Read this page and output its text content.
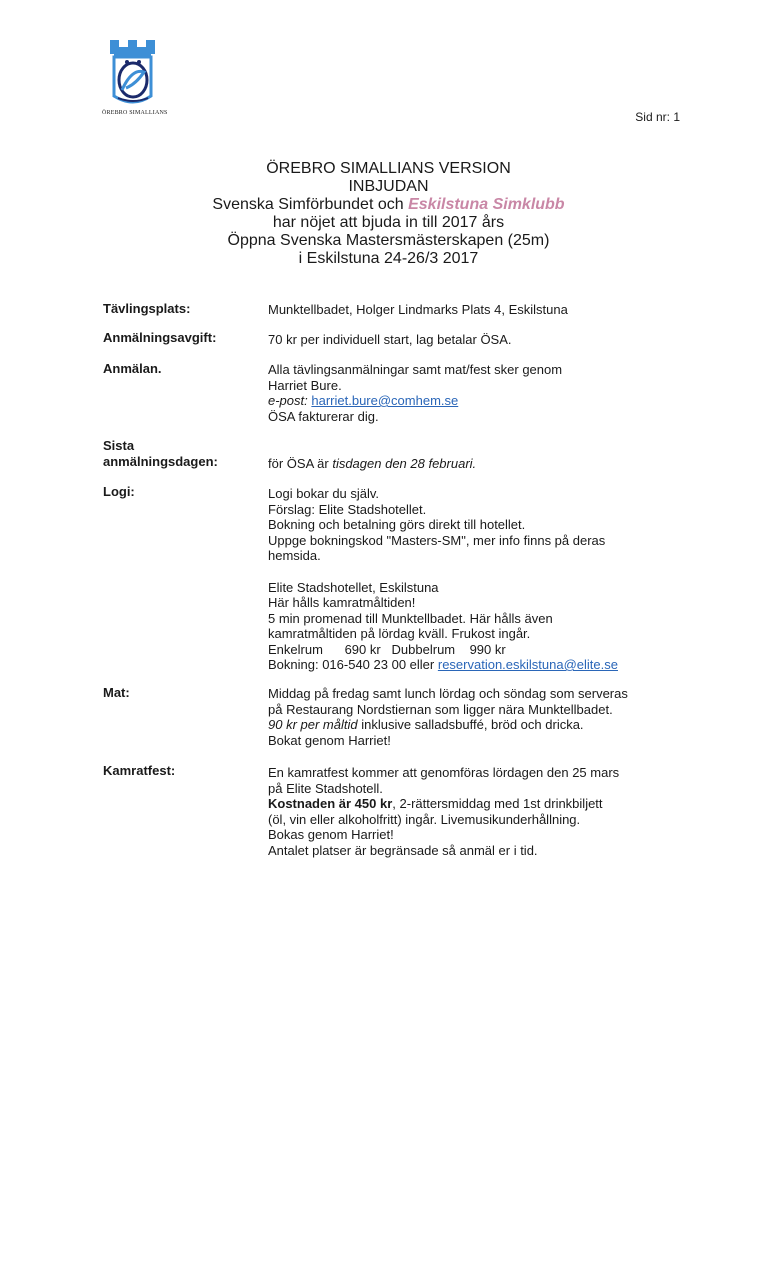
ÖREBRO SIMALLIANS	Sid nr: 1
ÖREBRO SIMALLIANS VERSION
INBJUDAN
Svenska Simförbundet och Eskilstuna Simklubb
har nöjet att bjuda in till 2017 års
Öppna Svenska Mastersmästerskapen (25m)
i Eskilstuna 24-26/3 2017
Tävlingsplats:	Munktellbadet, Holger Lindmarks Plats 4, Eskilstuna
Anmälningsavgift:	70 kr per individuell start, lag betalar ÖSA.
Anmälan.	Alla tävlingsanmälningar samt mat/fest sker genom
Harriet Bure.
e-post: harriet.bure@comhem.se
ÖSA fakturerar dig.
Sista
anmälningsdagen:	för ÖSA är tisdagen den 28 februari.
Logi:	Logi bokar du själv.
Förslag: Elite Stadshotellet.
Bokning och betalning görs direkt till hotellet.
Uppge bokningskod "Masters-SM", mer info finns på deras
hemsida.
Elite Stadshotellet, Eskilstuna
Här hålls kamratmåltiden!
5 min promenad till Munktellbadet. Här hålls även
kamratmåltiden på lördag kväll. Frukost ingår.
Enkelrum      690 kr   Dubbelrum    990 kr
Bokning: 016-540 23 00 eller reservation.eskilstuna@elite.se
Mat:	Middag på fredag samt lunch lördag och söndag som serveras
på Restaurang Nordstiernan som ligger nära Munktellbadet.
90 kr per måltid inklusive salladsbuffé, bröd och dricka.
Bokat genom Harriet!
Kamratfest:	En kamratfest kommer att genomföras lördagen den 25 mars
på Elite Stadshotell.
Kostnaden är 450 kr, 2-rättersmiddag med 1st drinkbiljett
(öl, vin eller alkoholfritt) ingår. Livemusikunderhållning.
Bokas genom Harriet!
Antalet platser är begränsade så anmäl er i tid.
